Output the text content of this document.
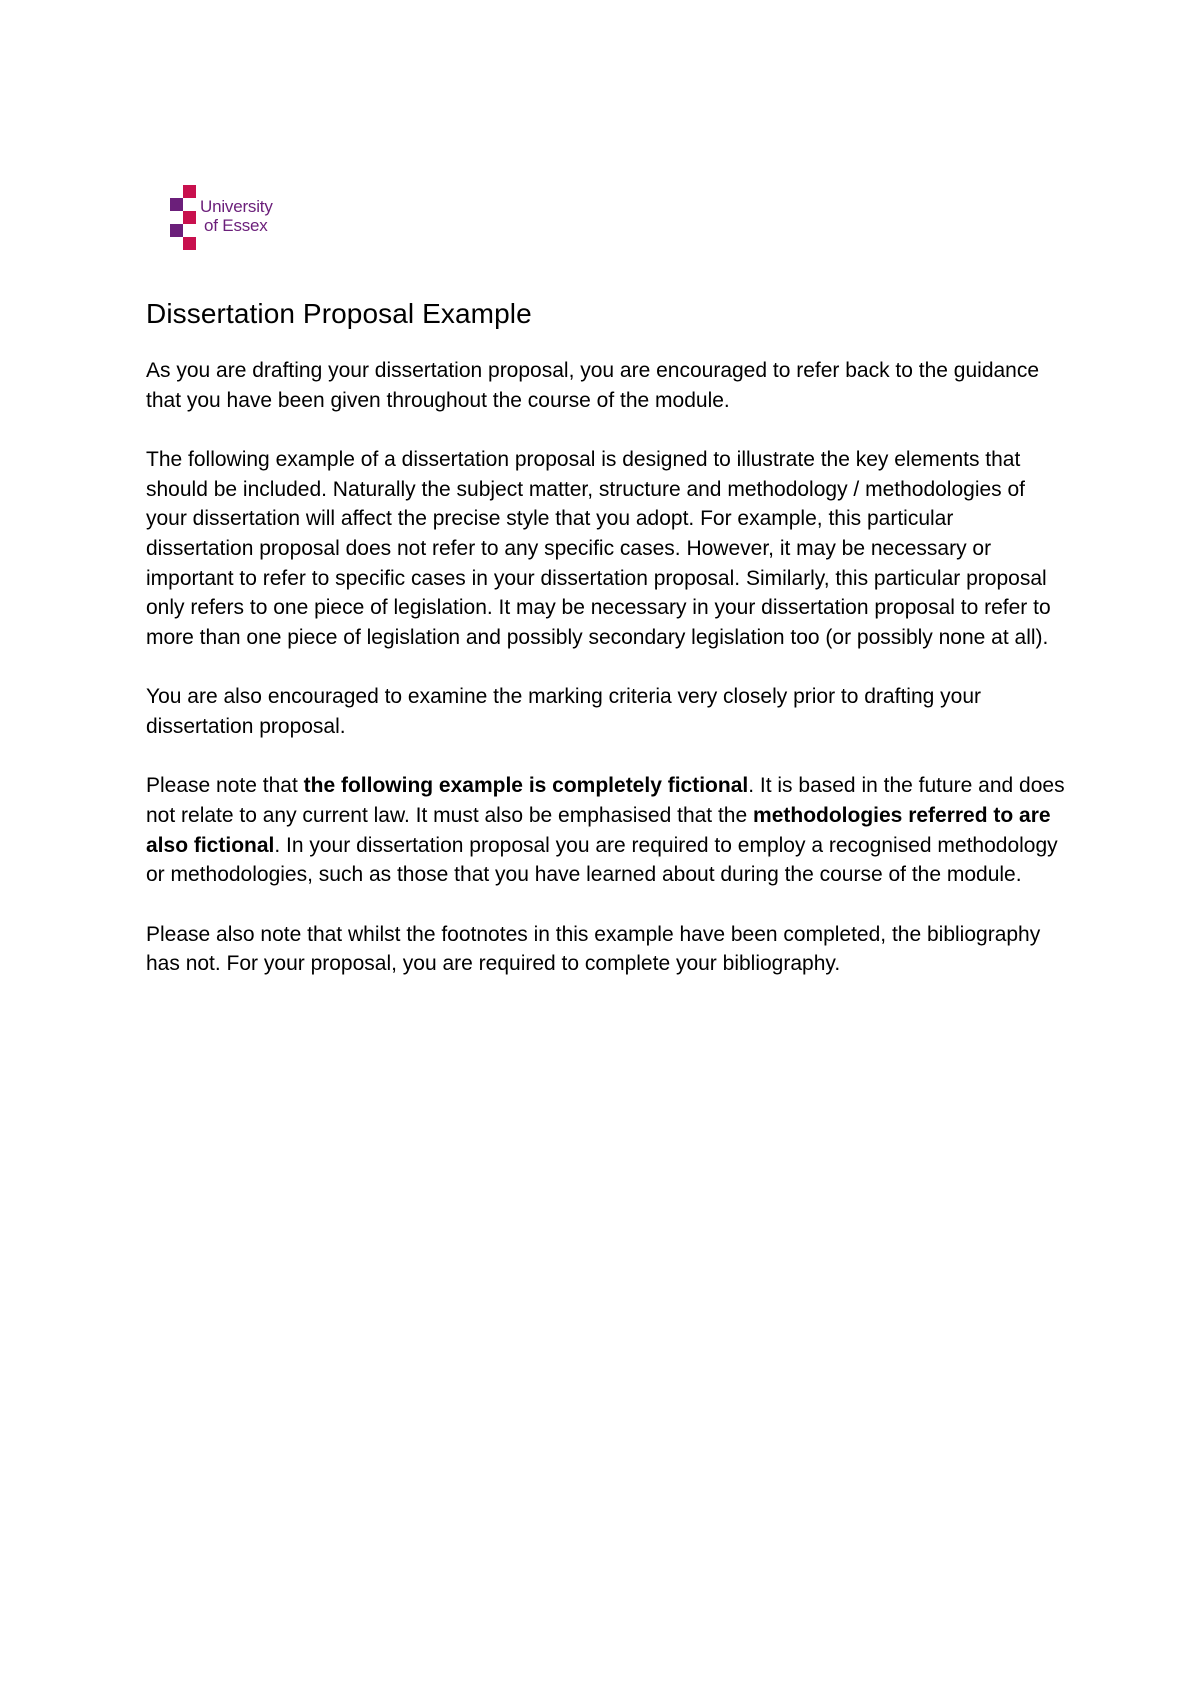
University
of Essex
Dissertation Proposal Example

As you are drafting your dissertation proposal, you are encouraged to refer back to the guidance that you have been given throughout the course of the module.

The following example of a dissertation proposal is designed to illustrate the key elements that should be included. Naturally the subject matter, structure and methodology / methodologies of your dissertation will affect the precise style that you adopt. For example, this particular dissertation proposal does not refer to any specific cases. However, it may be necessary or important to refer to specific cases in your dissertation proposal. Similarly, this particular proposal only refers to one piece of legislation. It may be necessary in your dissertation proposal to refer to more than one piece of legislation and possibly secondary legislation too (or possibly none at all).

You are also encouraged to examine the marking criteria very closely prior to drafting your dissertation proposal.

Please note that the following example is completely fictional. It is based in the future and does not relate to any current law. It must also be emphasised that the methodologies referred to are also fictional. In your dissertation proposal you are required to employ a recognised methodology or methodologies, such as those that you have learned about during the course of the module.

Please also note that whilst the footnotes in this example have been completed, the bibliography has not. For your proposal, you are required to complete your bibliography.
